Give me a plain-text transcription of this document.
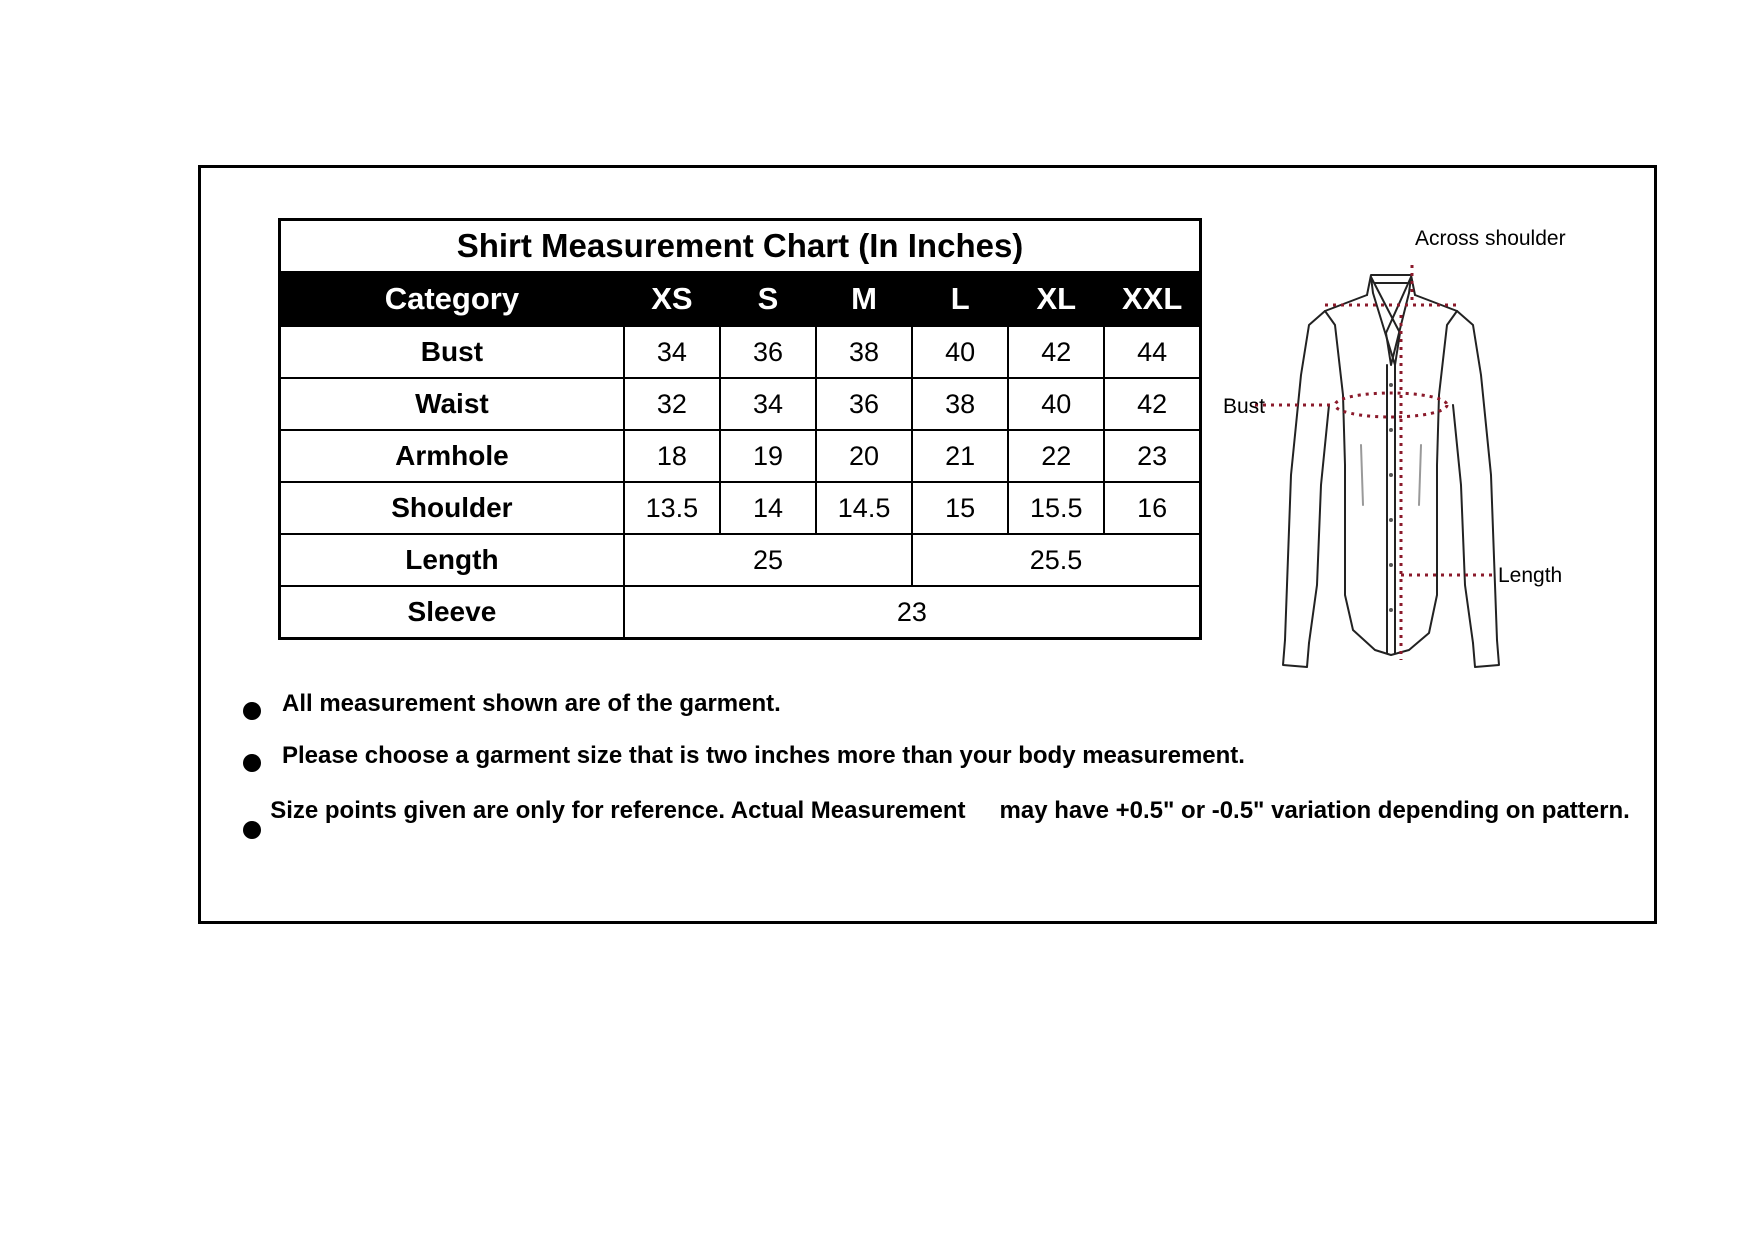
Shirt Measurement Chart (In Inches)						
Category	XS	S	M	L	XL	XXL
Bust	34	36	38	40	42	44
Waist	32	34	36	38	40	42
Armhole	18	19	20	21	22	23
Shoulder	13.5	14	14.5	15	15.5	16
Length	25			25.5		
Sleeve	23					
All measurement shown are of the garment.
Please choose a garment size that is two inches more than your body measurement.
Size points given are only for reference. Actual Measurement may have +0.5" or -0.5" variation depending on pattern.
Across shoulder
Bust
Length
